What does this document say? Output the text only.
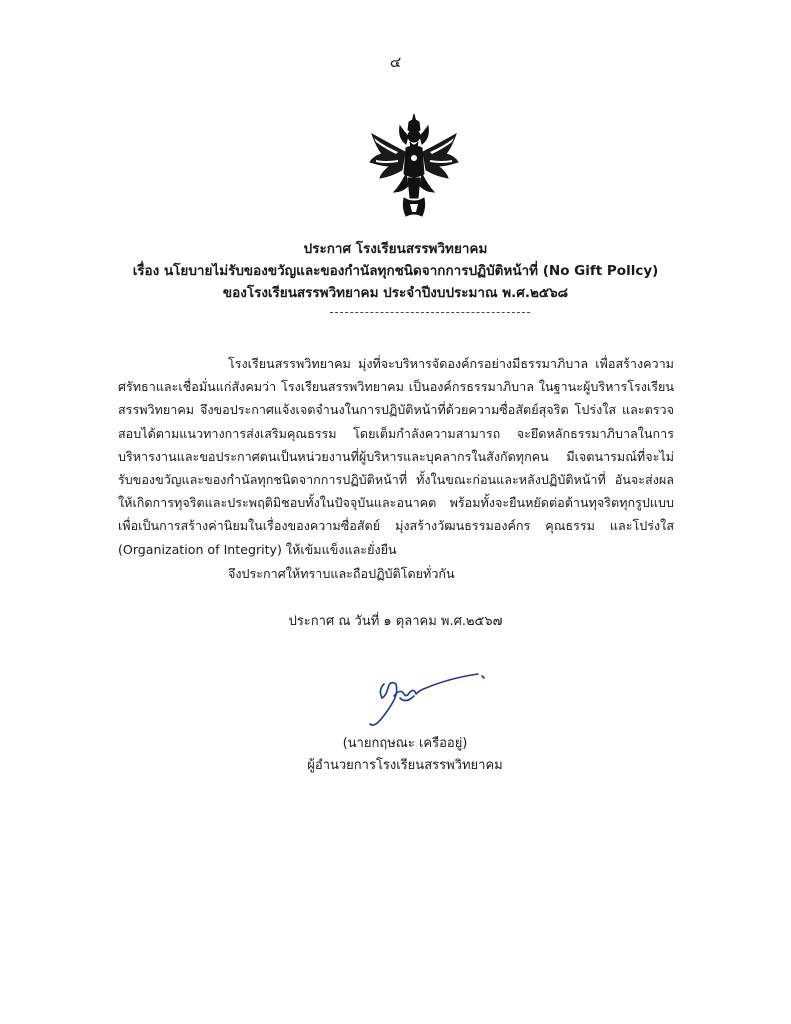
๔
ประกาศ โรงเรียนสรรพวิทยาคม
เรื่อง นโยบายไม่รับของขวัญและของกำนัลทุกชนิดจากการปฏิบัติหน้าที่ (No Gift Pollcy)
ของโรงเรียนสรรพวิทยาคม ประจำปีงบประมาณ พ.ศ.๒๕๖๘

โรงเรียนสรรพวิทยาคม มุ่งที่จะบริหารจัดองค์กรอย่างมีธรรมาภิบาล เพื่อสร้างความศรัทธาและเชื่อมั่นแก่สังคมว่า โรงเรียนสรรพวิทยาคม เป็นองค์กรธรรมาภิบาล ในฐานะผู้บริหารโรงเรียนสรรพวิทยาคม จึงขอประกาศแจ้งเจตจำนงในการปฏิบัติหน้าที่ด้วยความซื่อสัตย์สุจริต โปร่งใส และตรวจสอบได้ตามแนวทางการส่งเสริมคุณธรรม โดยเต็มกำลังความสามารถ จะยึดหลักธรรมาภิบาลในการบริหารงานและขอประกาศตนเป็นหน่วยงานที่ผู้บริหารและบุคลากรในสังกัดทุกคน มีเจตนารมณ์ที่จะไม่รับของขวัญและของกำนัลทุกชนิดจากการปฏิบัติหน้าที่ ทั้งในขณะก่อนและหลังปฏิบัติหน้าที่ อันจะส่งผลให้เกิดการทุจริตและประพฤติมิชอบทั้งในปัจจุบันและอนาคต พร้อมทั้งจะยืนหยัดต่อต้านทุจริตทุกรูปแบบ เพื่อเป็นการสร้างค่านิยมในเรื่องของความซื่อสัตย์ มุ่งสร้างวัฒนธรรมองค์กร คุณธรรม และโปร่งใส (Organization of Integrity) ให้เข้มแข็งและยั่งยืน

จึงประกาศให้ทราบและถือปฏิบัติโดยทั่วกัน

ประกาศ ณ วันที่ ๑ ตุลาคม พ.ศ.๒๕๖๗
(นายกฤษณะ เครืออยู่)
ผู้อำนวยการโรงเรียนสรรพวิทยาคม
